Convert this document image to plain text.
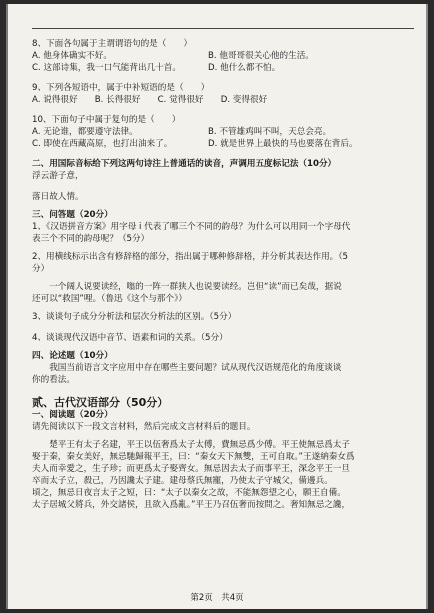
8、下面各句属于主谓谓语句的是（　　）
A. 他身体确实不好。	B. 他哥哥很关心他的生活。
C. 这部诗集，我一口气能背出几十首。	D. 他什么都不怕。
9、下列各短语中，属于中补短语的是（　　）
A. 说得很好　　B. 长得很好　　C. 觉得很好　　D. 变得很好
10、下面句子中属于复句的是（　　）
A. 无论谁，都要遵守法律。	B. 不管雄鸡叫不叫，天总会亮。
C. 即使在西藏高原，也打出油来了。	D. 就是世界上最快的马也要落在背后。
二、用国际音标给下列这两句诗注上普通话的读音，声调用五度标记法（10分）
浮云游子意，
落日故人情。
三、问答题（20分）
1、《汉语拼音方案》用字母 i 代表了哪三个不同的韵母？为什么可以用同一个字母代
表三个不同的韵母呢？（5分）
2、用横线标示出含有修辞格的部分，指出属于哪种修辞格，并分析其表达作用。（5
分）
一个阔人说要读经，嗡的一阵一群狭人也说要读经。岂但“读”而已矣哉，据说
还可以“救国”哩。（鲁迅《这个与那个》）
3、谈谈句子成分分析法和层次分析法的区别。（5分）
4、谈谈现代汉语中音节、语素和词的关系。（5分）
四、论述题（10分）
我国当前语言文字应用中存在哪些主要问题？试从现代汉语规范化的角度谈谈
你的看法。
贰、古代汉语部分（50分）
一、阅读题（20分）
请先阅读以下一段文言材料，然后完成文言材料后的题目。
楚平王有太子名建，平王以伍奢爲太子太傅，費無忌爲少傅。平王使無忌爲太子
娶于秦，秦女美好，無忌馳歸報平王，曰：“秦女天下無雙，王可自取。”王遂納秦女爲
夫人而幸愛之，生子珍；而更爲太子娶齊女。無忌因去太子而事平王，深念平王一旦
卒而太子立，殺己，乃因讒太子建。建母蔡氏無寵，乃使太子守城父，備邊兵。
頃之，無忌日夜言太子之短，曰：“太子以秦女之故，不能無怨望之心，願王自備。
太子居城父將兵，外交諸侯，且欲入爲亂。”平王乃召伍奢而按問之。奢知無忌之讒，
第2页　共4页
